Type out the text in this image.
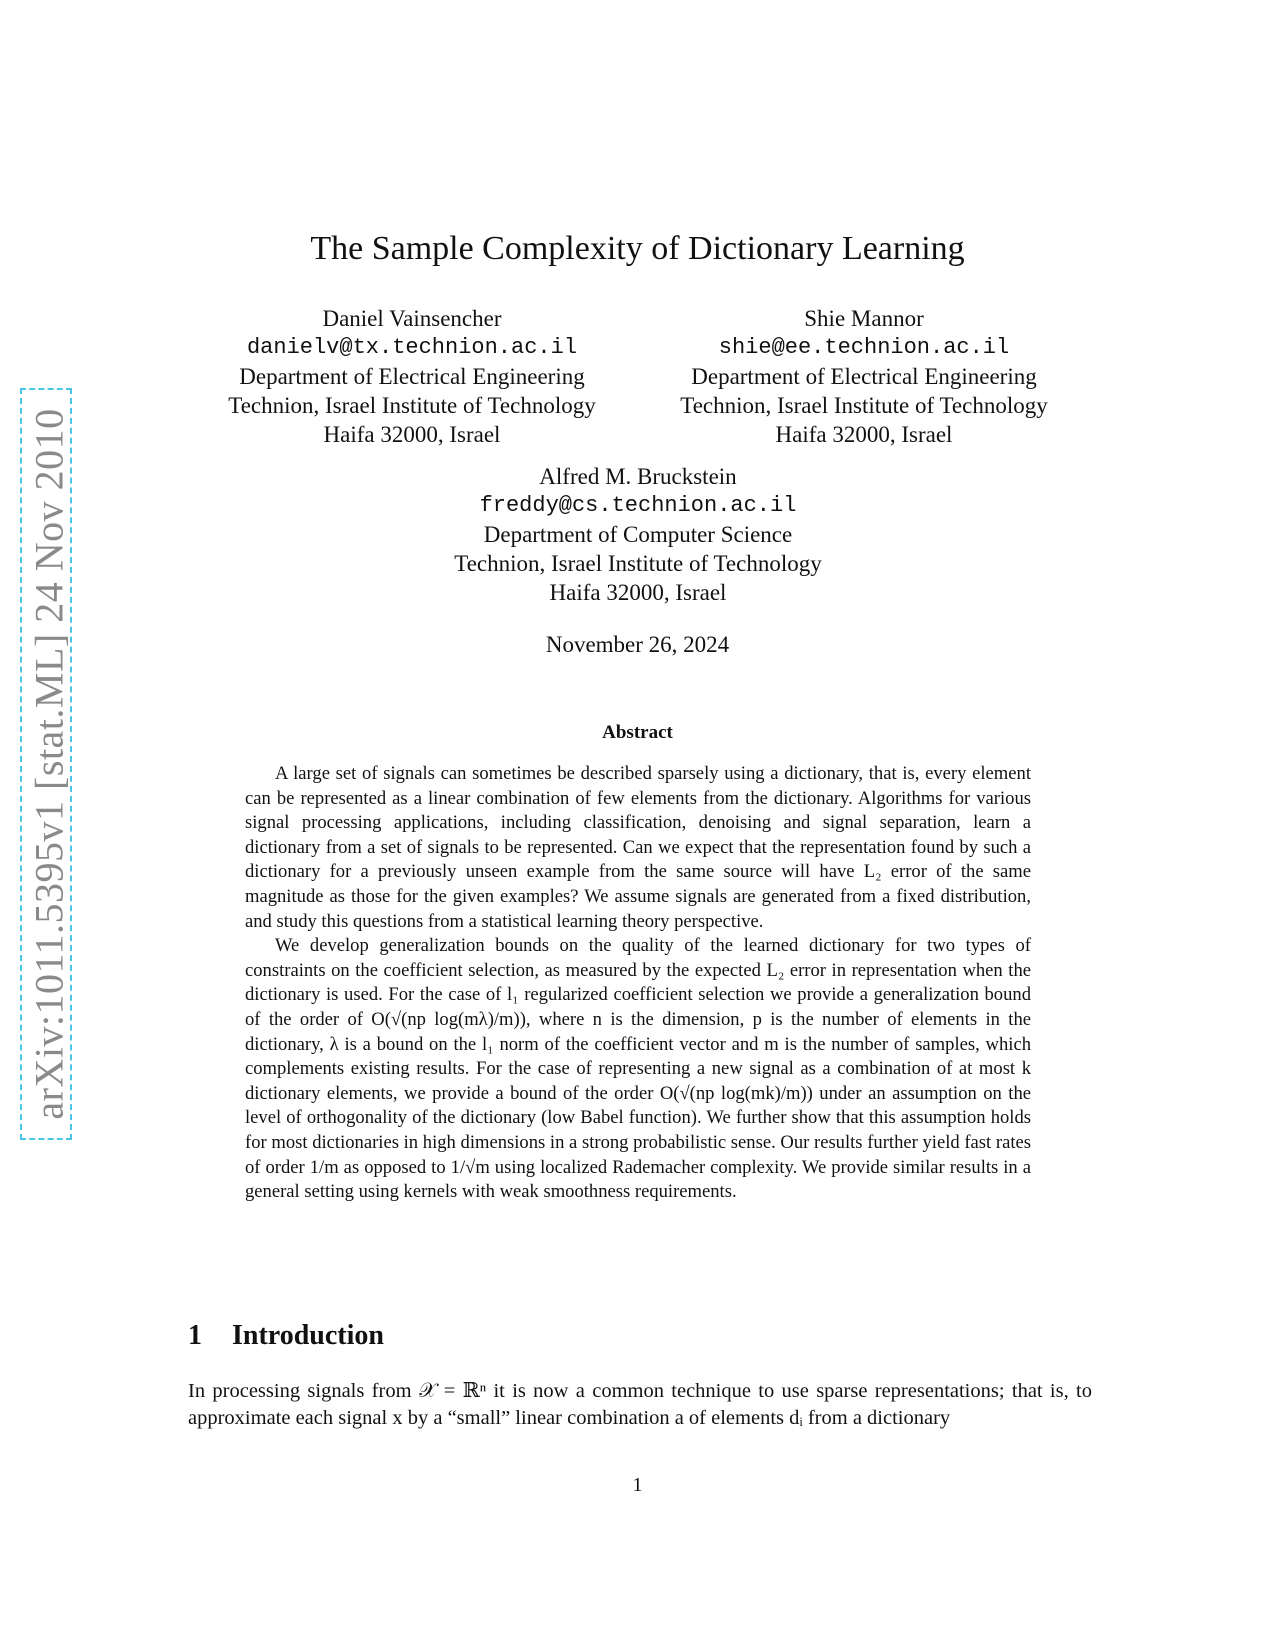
arXiv:1011.5395v1 [stat.ML] 24 Nov 2010
The Sample Complexity of Dictionary Learning
Daniel Vainsencher
danielv@tx.technion.ac.il
Department of Electrical Engineering
Technion, Israel Institute of Technology
Haifa 32000, Israel
Shie Mannor
shie@ee.technion.ac.il
Department of Electrical Engineering
Technion, Israel Institute of Technology
Haifa 32000, Israel
Alfred M. Bruckstein
freddy@cs.technion.ac.il
Department of Computer Science
Technion, Israel Institute of Technology
Haifa 32000, Israel
November 26, 2024
Abstract

A large set of signals can sometimes be described sparsely using a dictionary, that is, every element can be represented as a linear combination of few elements from the dictionary. Algorithms for various signal processing applications, including classification, denoising and signal separation, learn a dictionary from a set of signals to be represented. Can we expect that the representation found by such a dictionary for a previously unseen example from the same source will have L₂ error of the same magnitude as those for the given examples? We assume signals are generated from a fixed distribution, and study this questions from a statistical learning theory perspective.

We develop generalization bounds on the quality of the learned dictionary for two types of constraints on the coefficient selection, as measured by the expected L₂ error in representation when the dictionary is used. For the case of l₁ regularized coefficient selection we provide a generalization bound of the order of O(√(np log(mλ)/m)), where n is the dimension, p is the number of elements in the dictionary, λ is a bound on the l₁ norm of the coefficient vector and m is the number of samples, which complements existing results. For the case of representing a new signal as a combination of at most k dictionary elements, we provide a bound of the order O(√(np log(mk)/m)) under an assumption on the level of orthogonality of the dictionary (low Babel function). We further show that this assumption holds for most dictionaries in high dimensions in a strong probabilistic sense. Our results further yield fast rates of order 1/m as opposed to 1/√m using localized Rademacher complexity. We provide similar results in a general setting using kernels with weak smoothness requirements.

1 Introduction

In processing signals from 𝒳 = ℝⁿ it is now a common technique to use sparse representations; that is, to approximate each signal x by a “small” linear combination a of elements dᵢ from a dictionary

1
